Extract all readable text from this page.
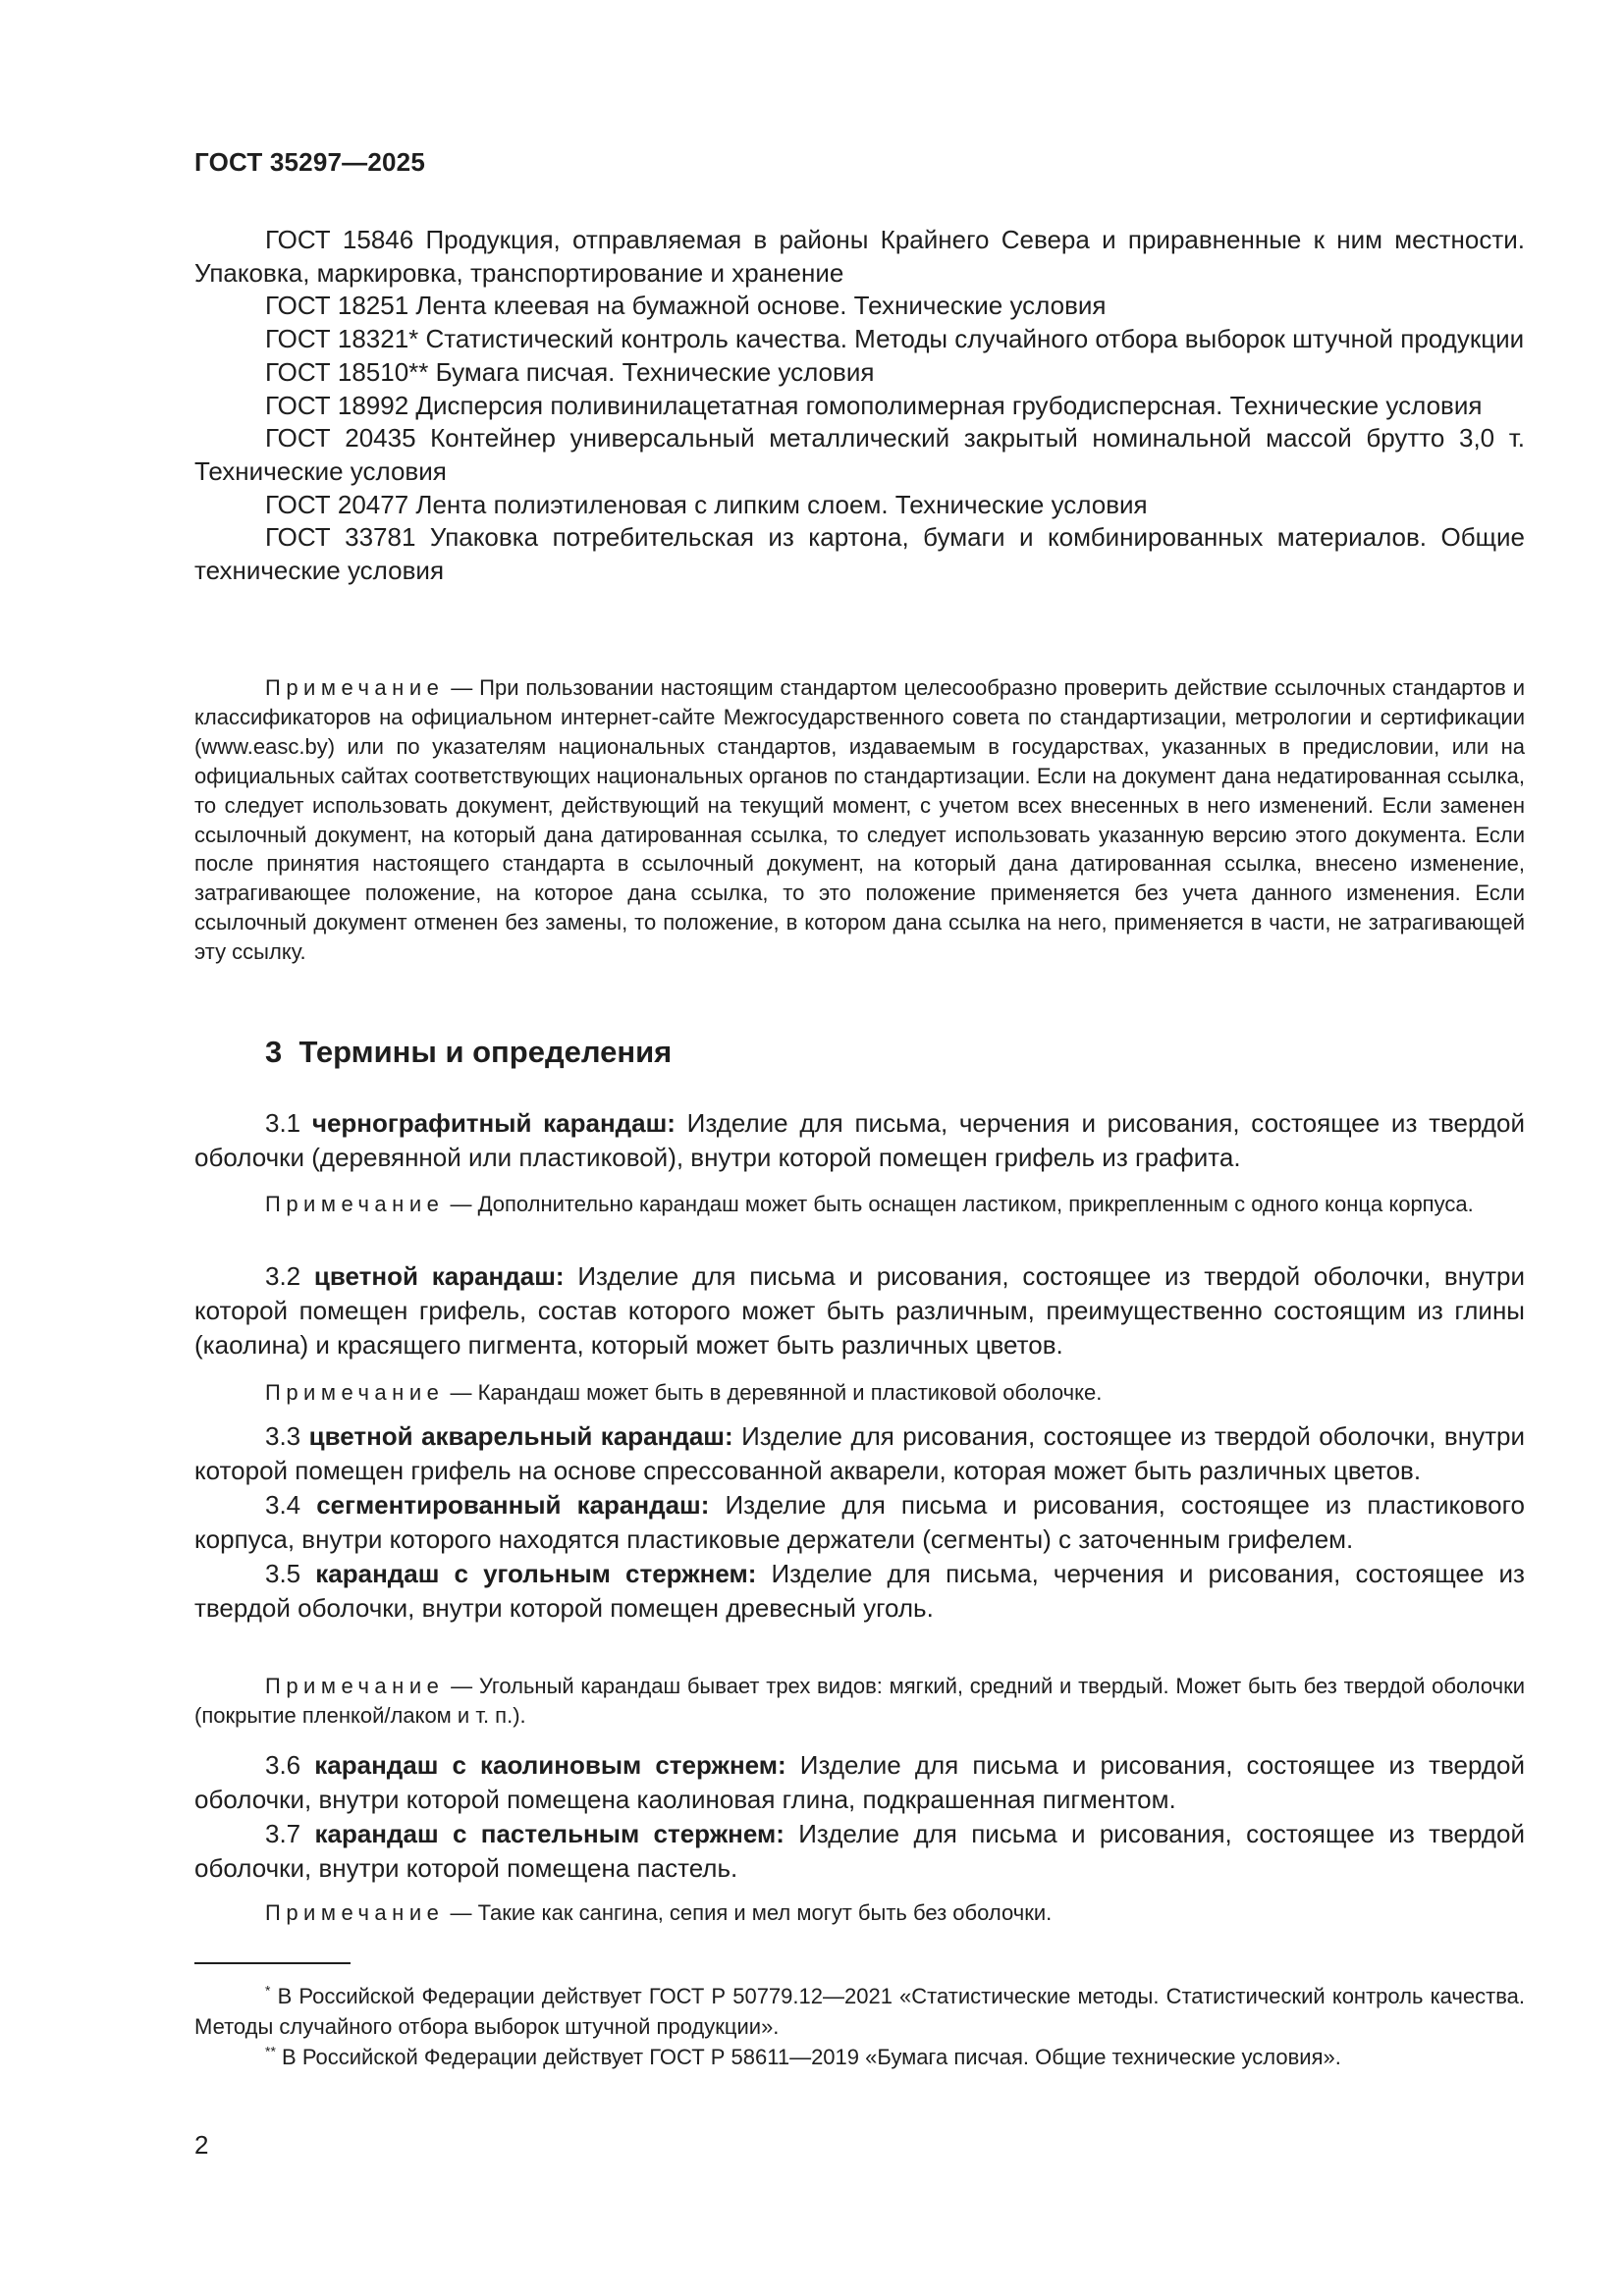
ГОСТ 35297—2025

ГОСТ 15846 Продукция, отправляемая в районы Крайнего Севера и приравненные к ним местности. Упаковка, маркировка, транспортирование и хранение

ГОСТ 18251 Лента клеевая на бумажной основе. Технические условия

ГОСТ 18321* Статистический контроль качества. Методы случайного отбора выборок штучной продукции

ГОСТ 18510** Бумага писчая. Технические условия

ГОСТ 18992 Дисперсия поливинилацетатная гомополимерная грубодисперсная. Технические условия

ГОСТ 20435 Контейнер универсальный металлический закрытый номинальной массой брутто 3,0 т. Технические условия

ГОСТ 20477 Лента полиэтиленовая с липким слоем. Технические условия

ГОСТ 33781 Упаковка потребительская из картона, бумаги и комбинированных материалов. Общие технические условия

Примечание — При пользовании настоящим стандартом целесообразно проверить действие ссылочных стандартов и классификаторов на официальном интернет-сайте Межгосударственного совета по стандартизации, метрологии и сертификации (www.easc.by) или по указателям национальных стандартов, издаваемым в государствах, указанных в предисловии, или на официальных сайтах соответствующих национальных органов по стандартизации. Если на документ дана недатированная ссылка, то следует использовать документ, действующий на текущий момент, с учетом всех внесенных в него изменений. Если заменен ссылочный документ, на который дана датированная ссылка, то следует использовать указанную версию этого документа. Если после принятия настоящего стандарта в ссылочный документ, на который дана датированная ссылка, внесено изменение, затрагивающее положение, на которое дана ссылка, то это положение применяется без учета данного изменения. Если ссылочный документ отменен без замены, то положение, в котором дана ссылка на него, применяется в части, не затрагивающей эту ссылку.

3 Термины и определения

3.1 чернографитный карандаш: Изделие для письма, черчения и рисования, состоящее из твердой оболочки (деревянной или пластиковой), внутри которой помещен грифель из графита.

Примечание — Дополнительно карандаш может быть оснащен ластиком, прикрепленным с одного конца корпуса.

3.2 цветной карандаш: Изделие для письма и рисования, состоящее из твердой оболочки, внутри которой помещен грифель, состав которого может быть различным, преимущественно состоящим из глины (каолина) и красящего пигмента, который может быть различных цветов.

Примечание — Карандаш может быть в деревянной и пластиковой оболочке.

3.3 цветной акварельный карандаш: Изделие для рисования, состоящее из твердой оболочки, внутри которой помещен грифель на основе спрессованной акварели, которая может быть различных цветов.

3.4 сегментированный карандаш: Изделие для письма и рисования, состоящее из пластикового корпуса, внутри которого находятся пластиковые держатели (сегменты) с заточенным грифелем.

3.5 карандаш с угольным стержнем: Изделие для письма, черчения и рисования, состоящее из твердой оболочки, внутри которой помещен древесный уголь.

Примечание — Угольный карандаш бывает трех видов: мягкий, средний и твердый. Может быть без твердой оболочки (покрытие пленкой/лаком и т. п.).

3.6 карандаш с каолиновым стержнем: Изделие для письма и рисования, состоящее из твердой оболочки, внутри которой помещена каолиновая глина, подкрашенная пигментом.

3.7 карандаш с пастельным стержнем: Изделие для письма и рисования, состоящее из твердой оболочки, внутри которой помещена пастель.

Примечание — Такие как сангина, сепия и мел могут быть без оболочки.

* В Российской Федерации действует ГОСТ Р 50779.12—2021 «Статистические методы. Статистический контроль качества. Методы случайного отбора выборок штучной продукции».

** В Российской Федерации действует ГОСТ Р 58611—2019 «Бумага писчая. Общие технические условия».

2
